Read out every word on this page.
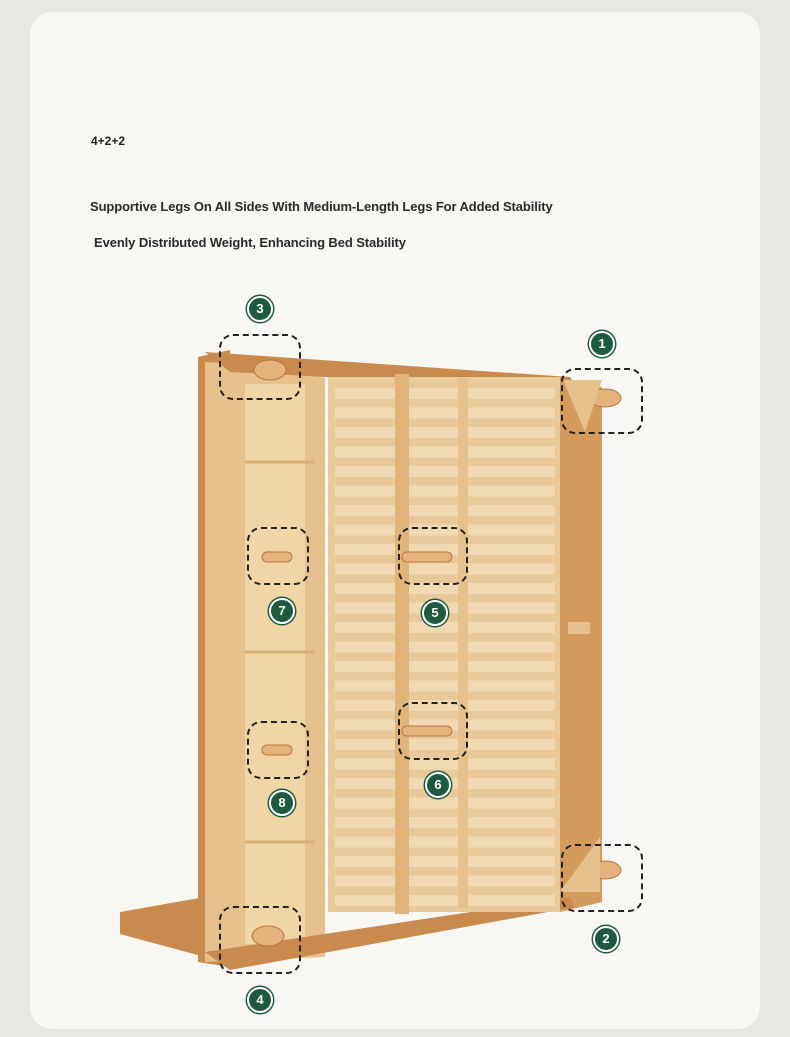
4+2+2
Supportive Legs On All Sides With Medium-Length Legs For Added Stability
Evenly Distributed Weight, Enhancing Bed Stability
3
1
7	5
6
8
2
4
